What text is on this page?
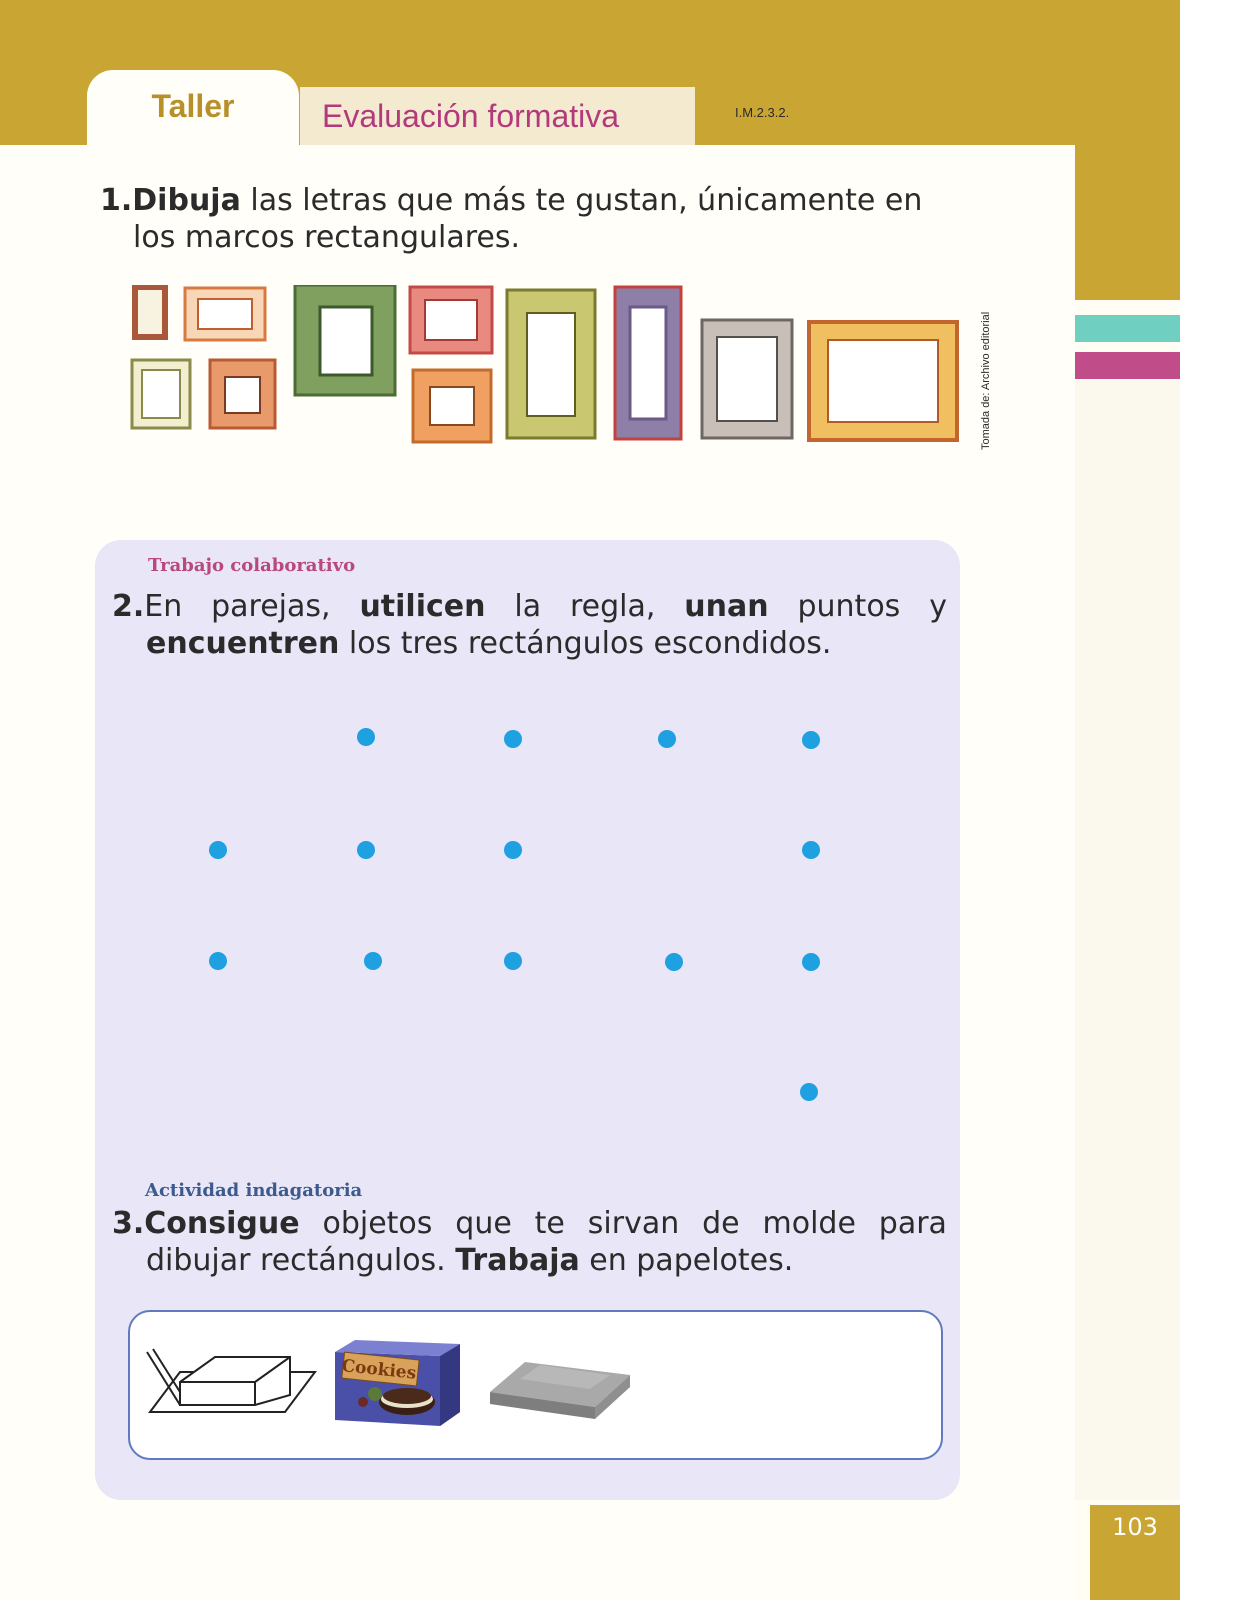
Taller	Evaluación formativa	I.M.2.3.2.
1.Dibuja las letras que más te gustan, únicamente en
los marcos rectangulares.
Tomada de: Archivo editorial
Trabajo colaborativo
2.En parejas, utilicen la regla, unan puntos y
encuentren los tres rectángulos escondidos.
Actividad indagatoria
3.Consigue objetos que te sirvan de molde para
dibujar rectángulos. Trabaja en papelotes.
Cookies
103
